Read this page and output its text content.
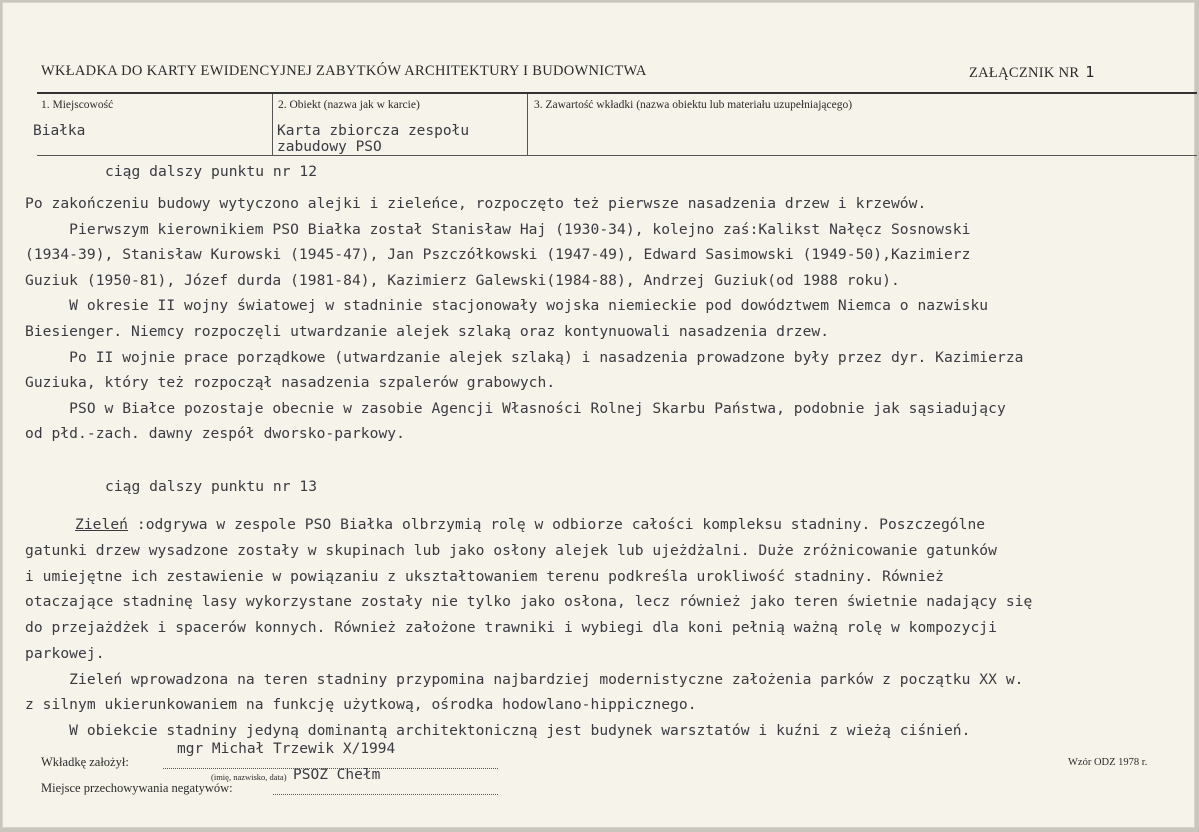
WKŁADKA DO KARTY EWIDENCYJNEJ ZABYTKÓW ARCHITEKTURY I BUDOWNICTWA	ZAŁĄCZNIK NR 1
1. Miejscowość
Białka
2. Obiekt (nazwa jak w karcie)
Karta zbiorcza zespołu
zabudowy PSO
3. Zawartość wkładki (nazwa obiektu lub materiału uzupełniającego)
ciąg dalszy punktu nr 12
ciąg dalszy punktu nr 13
Zieleń :odgrywa w zespole PSO Białka olbrzymią rolę w odbiorze całości kompleksu stadniny. Poszczególne
Wkładkę założył:
mgr Michał Trzewik X/1994
(imię, nazwisko, data)
Miejsce przechowywania negatywów:
PSOZ Chełm
Wzór ODZ 1978 r.
Po zakończeniu budowy wytyczono alejki i zieleńce, rozpoczęto też pierwsze nasadzenia drzew i krzewów.
Pierwszym kierownikiem PSO Białka został Stanisław Haj (1930-34), kolejno zaś:Kalikst Nałęcz Sosnowski
(1934-39), Stanisław Kurowski (1945-47), Jan Pszczółkowski (1947-49), Edward Sasimowski (1949-50),Kazimierz
Guziuk (1950-81), Józef durda (1981-84), Kazimierz Galewski(1984-88), Andrzej Guziuk(od 1988 roku).
W okresie II wojny światowej w stadninie stacjonowały wojska niemieckie pod dowództwem Niemca o nazwisku
Biesienger. Niemcy rozpoczęli utwardzanie alejek szlaką oraz kontynuowali nasadzenia drzew.
Po II wojnie prace porządkowe (utwardzanie alejek szlaką) i nasadzenia prowadzone były przez dyr. Kazimierza
Guziuka, który też rozpoczął nasadzenia szpalerów grabowych.
PSO w Białce pozostaje obecnie w zasobie Agencji Własności Rolnej Skarbu Państwa, podobnie jak sąsiadujący
od płd.-zach. dawny zespół dworsko-parkowy.
gatunki drzew wysadzone zostały w skupinach lub jako osłony alejek lub ujeżdżalni. Duże zróżnicowanie gatunków
i umiejętne ich zestawienie w powiązaniu z ukształtowaniem terenu podkreśla urokliwość stadniny. Również
otaczające stadninę lasy wykorzystane zostały nie tylko jako osłona, lecz również jako teren świetnie nadający się
do przejażdżek i spacerów konnych. Również założone trawniki i wybiegi dla koni pełnią ważną rolę w kompozycji
parkowej.
Zieleń wprowadzona na teren stadniny przypomina najbardziej modernistyczne założenia parków z początku XX w.
z silnym ukierunkowaniem na funkcję użytkową, ośrodka hodowlano-hippicznego.
W obiekcie stadniny jedyną dominantą architektoniczną jest budynek warsztatów i kuźni z wieżą ciśnień.
